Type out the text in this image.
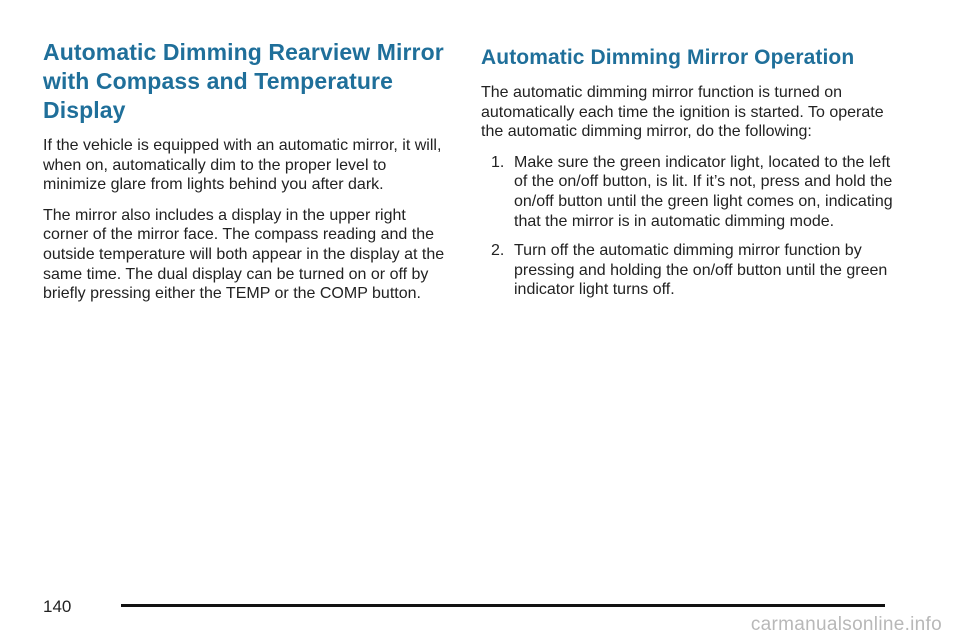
Automatic Dimming Rearview Mirror with Compass and Temperature Display

If the vehicle is equipped with an automatic mirror, it will, when on, automatically dim to the proper level to minimize glare from lights behind you after dark.

The mirror also includes a display in the upper right corner of the mirror face. The compass reading and the outside temperature will both appear in the display at the same time. The dual display can be turned on or off by briefly pressing either the TEMP or the COMP button.

Automatic Dimming Mirror Operation

The automatic dimming mirror function is turned on automatically each time the ignition is started. To operate the automatic dimming mirror, do the following:

1. Make sure the green indicator light, located to the left of the on/off button, is lit. If it’s not, press and hold the on/off button until the green light comes on, indicating that the mirror is in automatic dimming mode.
2. Turn off the automatic dimming mirror function by pressing and holding the on/off button until the green indicator light turns off.
140
carmanualsonline.info
